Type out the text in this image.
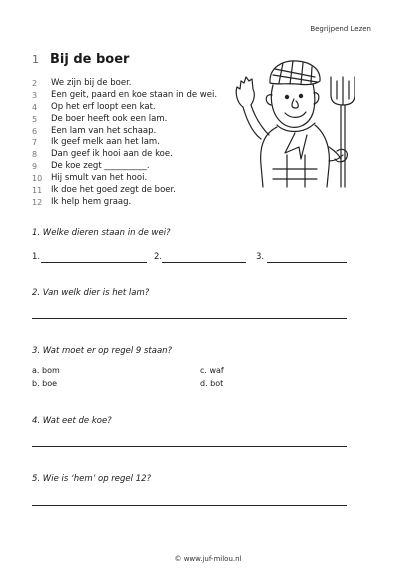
Begrijpend Lezen
1 Bij de boer
2	We zijn bij de boer.
3	Een geit, paard en koe staan in de wei.
4	Op het erf loopt een kat.
5	De boer heeft ook een lam.
6	Een lam van het schaap.
7	Ik geef melk aan het lam.
8	Dan geef ik hooi aan de koe.
9	De koe zegt __________.
10	Hij smult van het hooi.
11	Ik doe het goed zegt de boer.
12	Ik help hem graag.
1. Welke dieren staan in de wei?
1.	2.	3.
2. Van welk dier is het lam?
3. Wat moet er op regel 9 staan?
a. bom	c. waf
b. boe	d. bot
4. Wat eet de koe?
5. Wie is ‘hem’ op regel 12?
© www.juf-milou.nl
